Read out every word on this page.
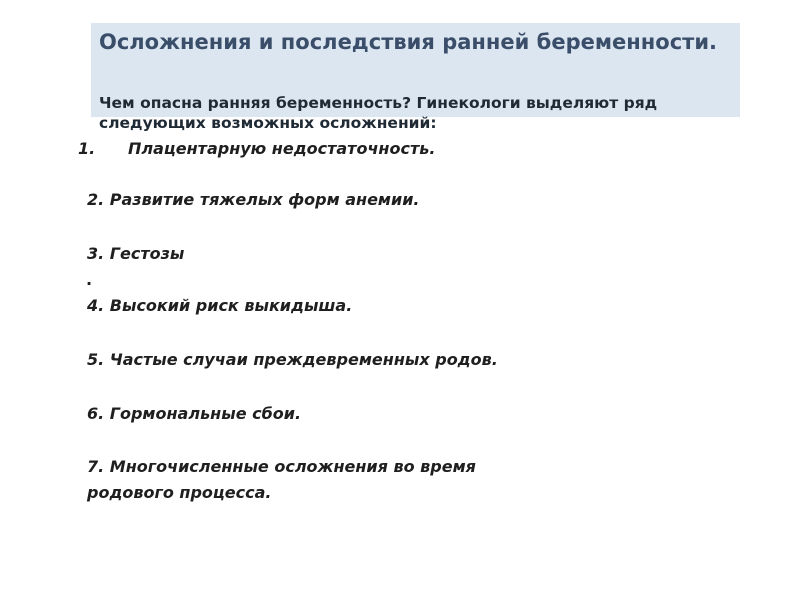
Осложнения и последствия ранней беременности.

Чем опасна ранняя беременность? Гинекологи выделяют ряд следующих возможных осложнений:

1. Плацентарную недостаточность.

2. Развитие тяжелых форм анемии.

3. Гестозы

.

4. Высокий риск выкидыша.

5. Частые случаи преждевременных родов.

6. Гормональные сбои.

7. Многочисленные осложнения во время

родового процесса.
